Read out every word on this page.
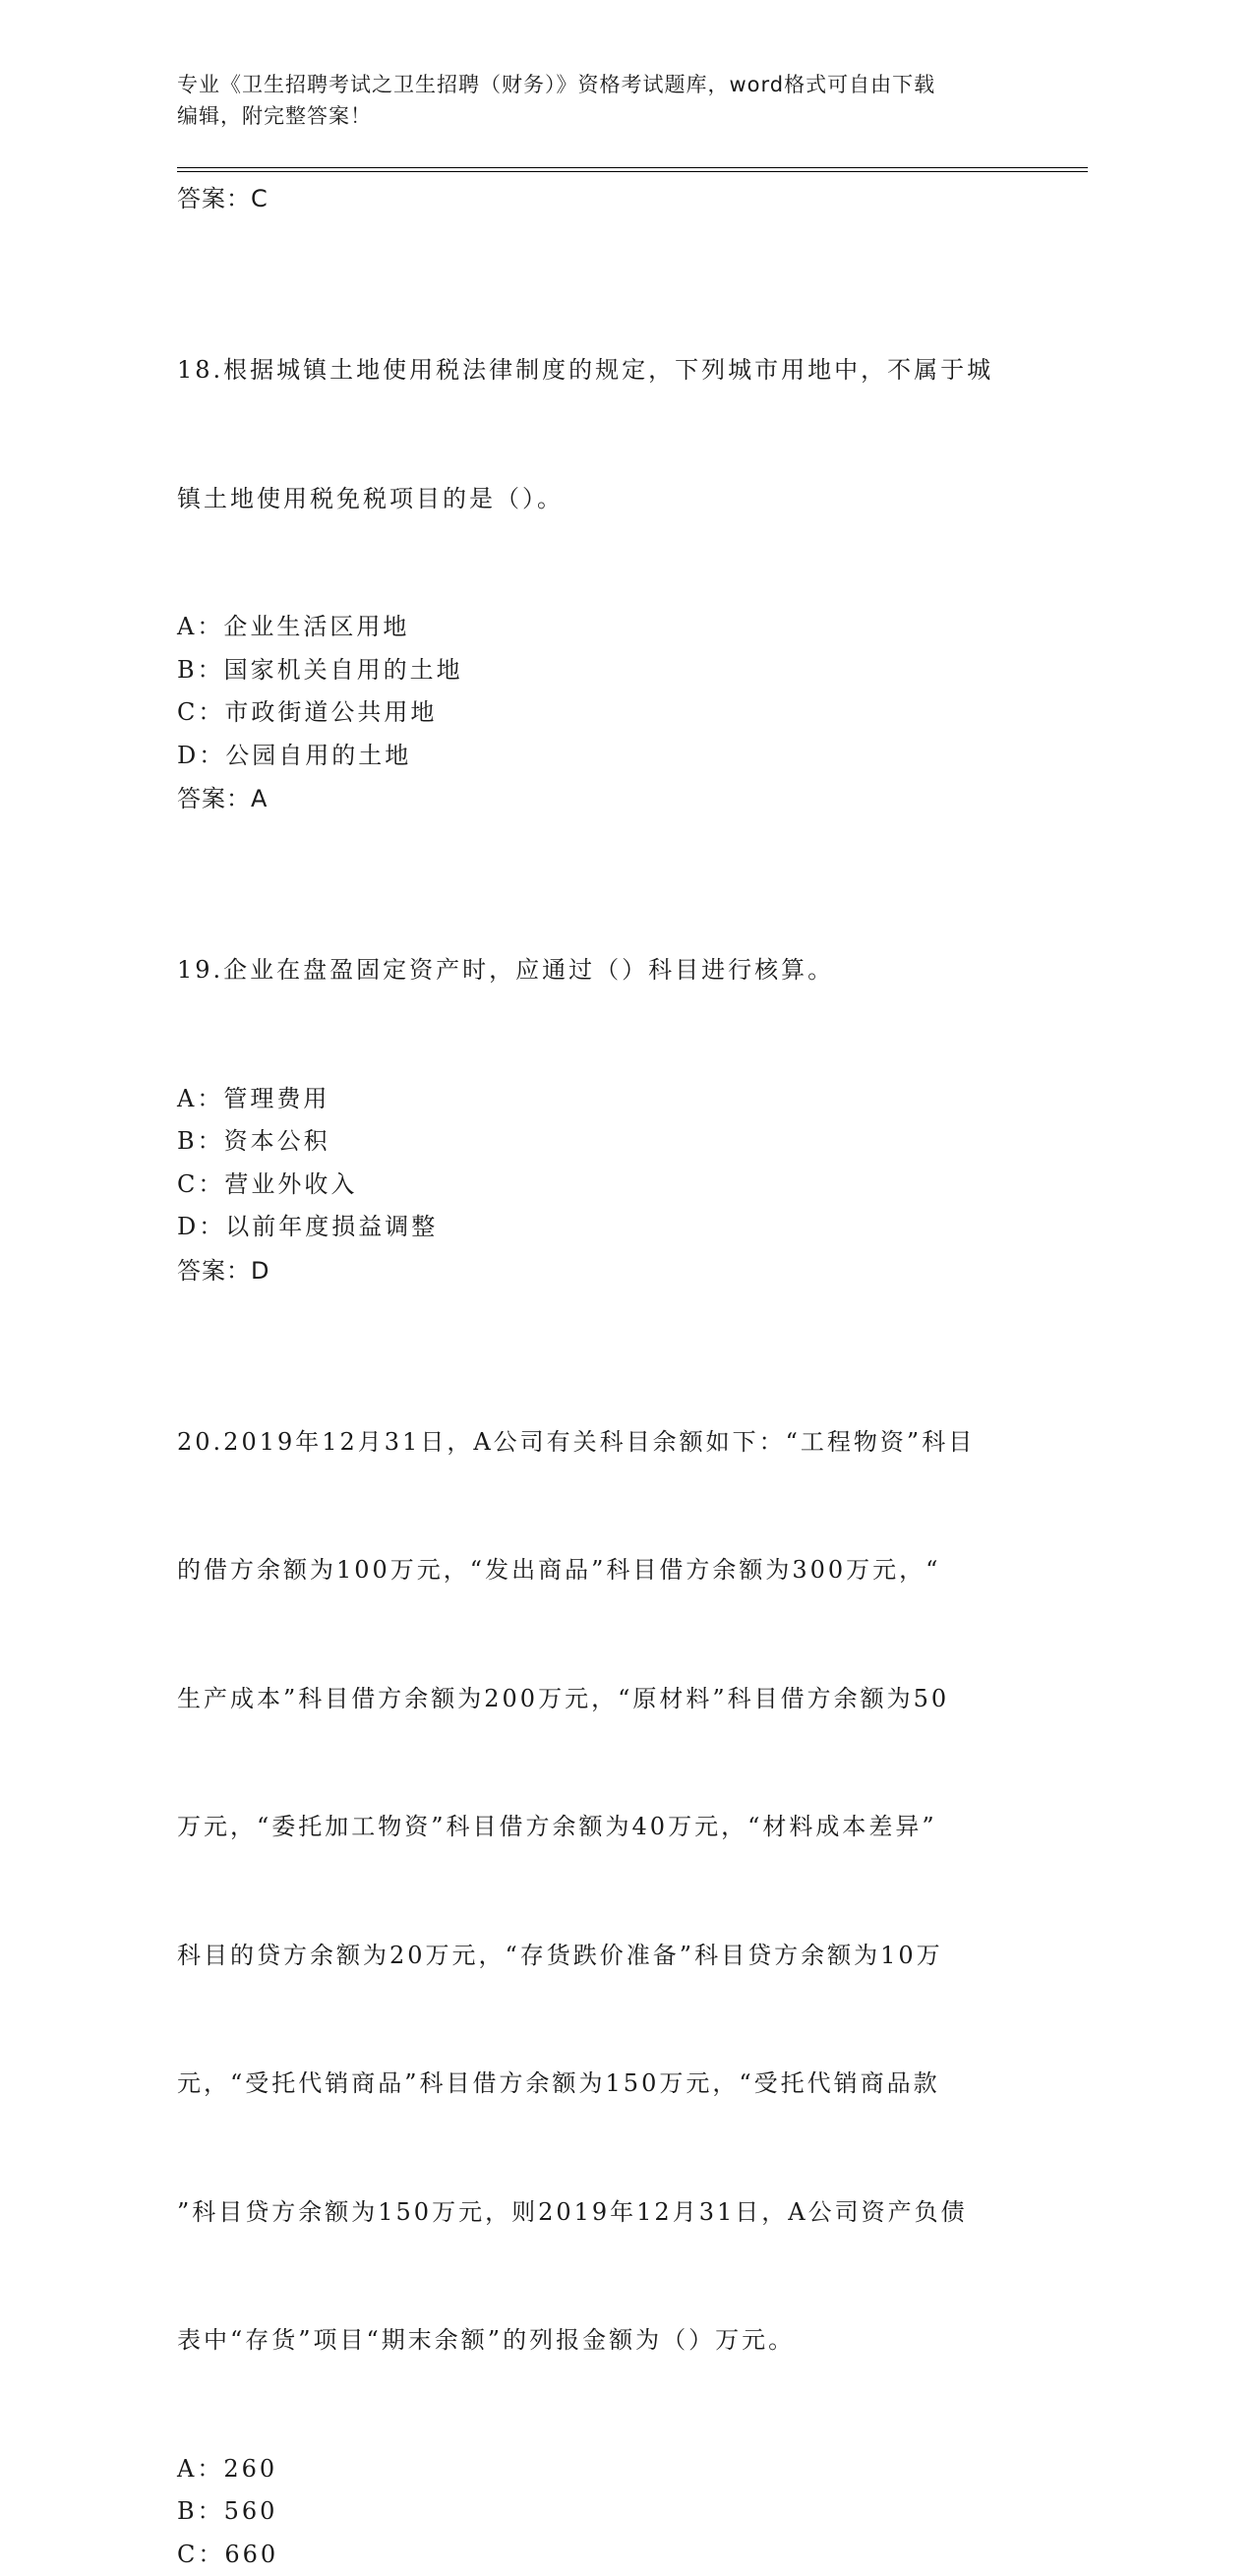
专业《卫生招聘考试之卫生招聘（财务）》资格考试题库，word格式可自由下载
编辑，附完整答案！
答案：C

18.根据城镇土地使用税法律制度的规定，下列城市用地中，不属于城

镇土地使用税免税项目的是（）。

A：企业生活区用地
B：国家机关自用的土地
C：市政街道公共用地
D：公园自用的土地
答案：A

19.企业在盘盈固定资产时，应通过（）科目进行核算。

A：管理费用
B：资本公积
C：营业外收入
D：以前年度损益调整
答案：D

20.2019年12月31日，A公司有关科目余额如下：“工程物资”科目

的借方余额为100万元，“发出商品”科目借方余额为300万元，“

生产成本”科目借方余额为200万元，“原材料”科目借方余额为50

万元，“委托加工物资”科目借方余额为40万元，“材料成本差异”

科目的贷方余额为20万元，“存货跌价准备”科目贷方余额为10万

元，“受托代销商品”科目借方余额为150万元，“受托代销商品款

”科目贷方余额为150万元，则2019年12月31日，A公司资产负债

表中“存货”项目“期末余额”的列报金额为（）万元。

A：260
B：560
C：660
